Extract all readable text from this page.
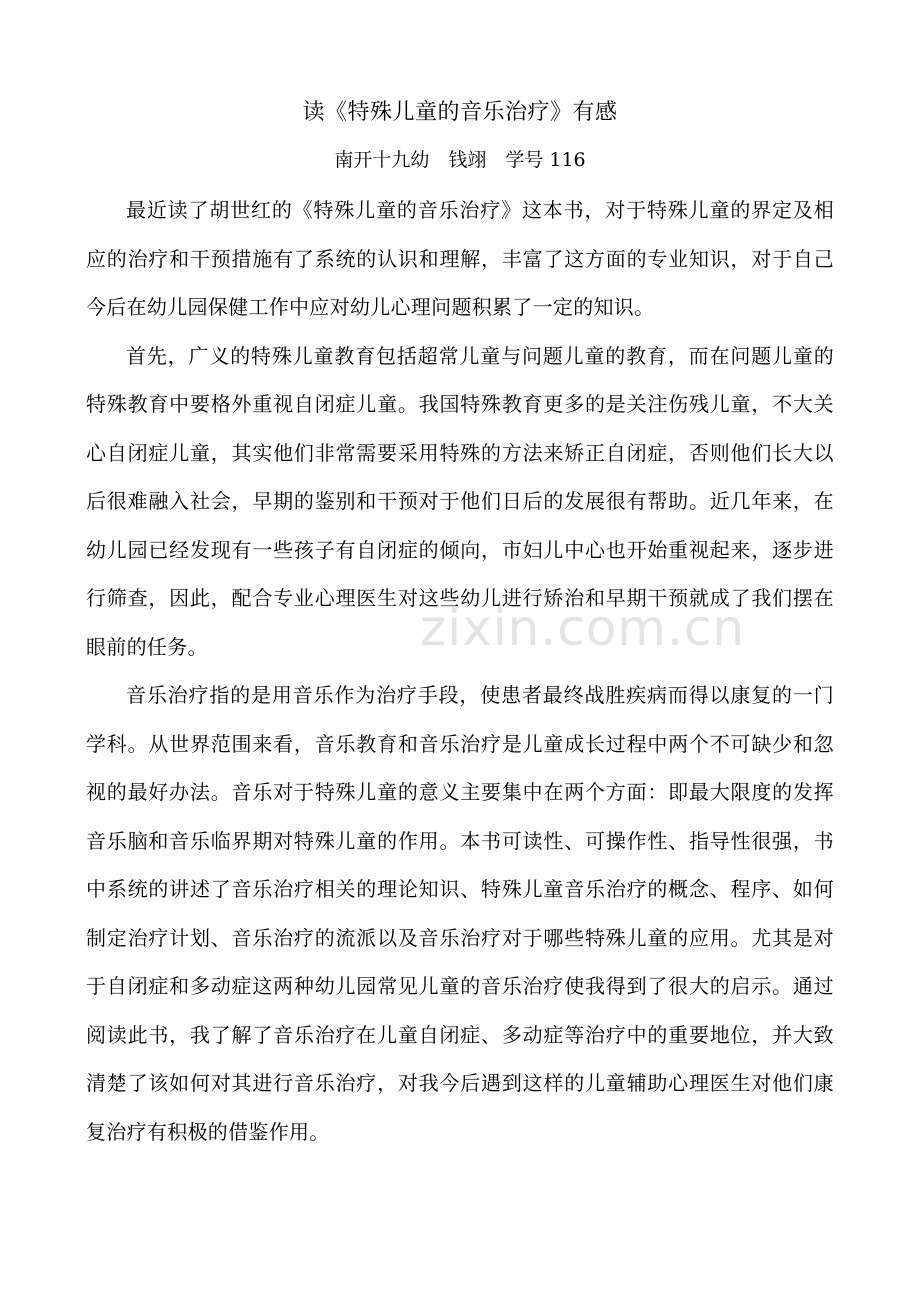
读《特殊儿童的音乐治疗》有感
南开十九幼　钱翊　学号 116

最近读了胡世红的《特殊儿童的音乐治疗》这本书，对于特殊儿童的界定及相应的治疗和干预措施有了系统的认识和理解，丰富了这方面的专业知识，对于自己今后在幼儿园保健工作中应对幼儿心理问题积累了一定的知识。

首先，广义的特殊儿童教育包括超常儿童与问题儿童的教育，而在问题儿童的特殊教育中要格外重视自闭症儿童。我国特殊教育更多的是关注伤残儿童，不大关心自闭症儿童，其实他们非常需要采用特殊的方法来矫正自闭症，否则他们长大以后很难融入社会，早期的鉴别和干预对于他们日后的发展很有帮助。近几年来，在幼儿园已经发现有一些孩子有自闭症的倾向，市妇儿中心也开始重视起来，逐步进行筛查，因此，配合专业心理医生对这些幼儿进行矫治和早期干预就成了我们摆在眼前的任务。

音乐治疗指的是用音乐作为治疗手段，使患者最终战胜疾病而得以康复的一门学科。从世界范围来看，音乐教育和音乐治疗是儿童成长过程中两个不可缺少和忽视的最好办法。音乐对于特殊儿童的意义主要集中在两个方面：即最大限度的发挥音乐脑和音乐临界期对特殊儿童的作用。本书可读性、可操作性、指导性很强，书中系统的讲述了音乐治疗相关的理论知识、特殊儿童音乐治疗的概念、程序、如何制定治疗计划、音乐治疗的流派以及音乐治疗对于哪些特殊儿童的应用。尤其是对于自闭症和多动症这两种幼儿园常见儿童的音乐治疗使我得到了很大的启示。通过阅读此书，我了解了音乐治疗在儿童自闭症、多动症等治疗中的重要地位，并大致清楚了该如何对其进行音乐治疗，对我今后遇到这样的儿童辅助心理医生对他们康复治疗有积极的借鉴作用。

zixin.com.cn
